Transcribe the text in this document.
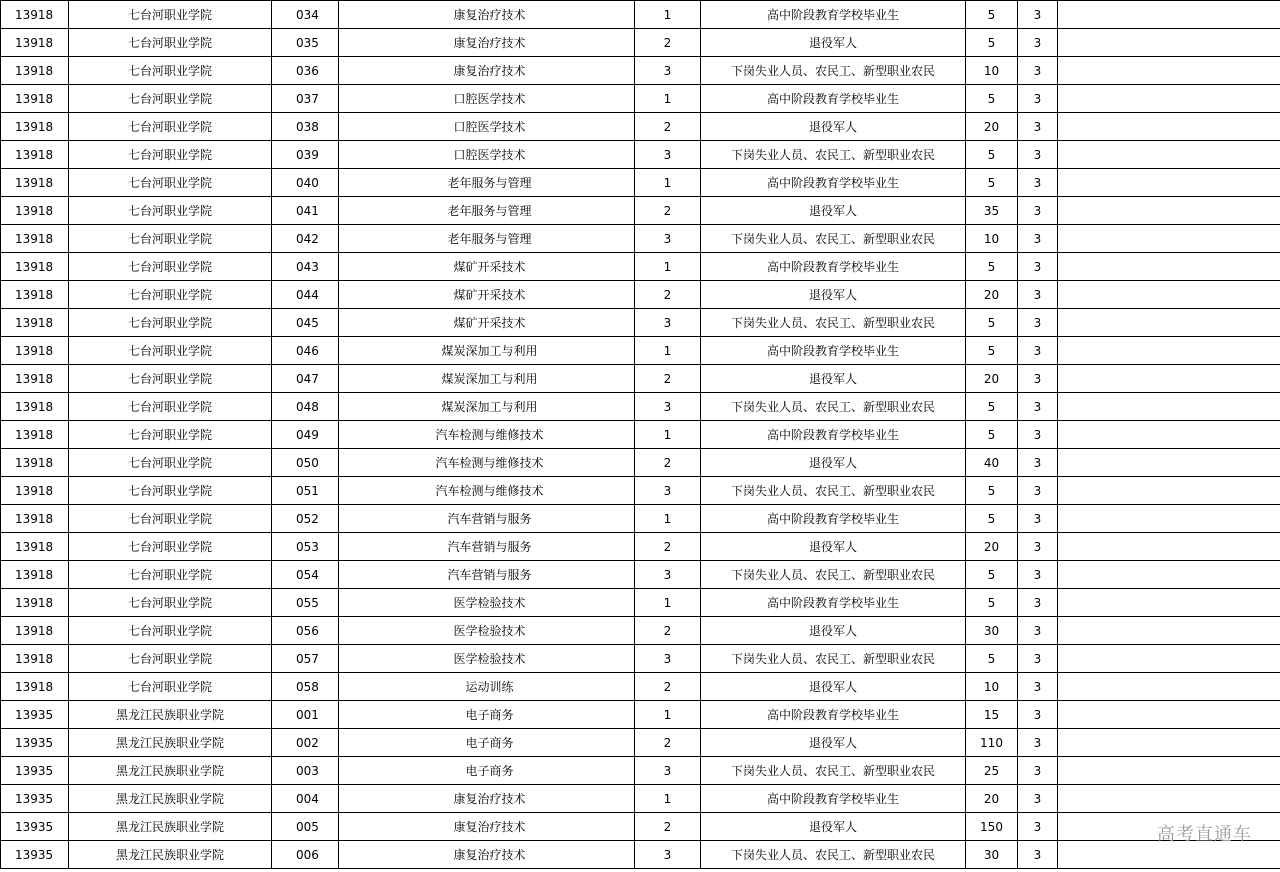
13918	七台河职业学院	034	康复治疗技术	1	高中阶段教育学校毕业生	5	3	
13918	七台河职业学院	035	康复治疗技术	2	退役军人	5	3	
13918	七台河职业学院	036	康复治疗技术	3	下岗失业人员、农民工、新型职业农民	10	3	
13918	七台河职业学院	037	口腔医学技术	1	高中阶段教育学校毕业生	5	3	
13918	七台河职业学院	038	口腔医学技术	2	退役军人	20	3	
13918	七台河职业学院	039	口腔医学技术	3	下岗失业人员、农民工、新型职业农民	5	3	
13918	七台河职业学院	040	老年服务与管理	1	高中阶段教育学校毕业生	5	3	
13918	七台河职业学院	041	老年服务与管理	2	退役军人	35	3	
13918	七台河职业学院	042	老年服务与管理	3	下岗失业人员、农民工、新型职业农民	10	3	
13918	七台河职业学院	043	煤矿开采技术	1	高中阶段教育学校毕业生	5	3	
13918	七台河职业学院	044	煤矿开采技术	2	退役军人	20	3	
13918	七台河职业学院	045	煤矿开采技术	3	下岗失业人员、农民工、新型职业农民	5	3	
13918	七台河职业学院	046	煤炭深加工与利用	1	高中阶段教育学校毕业生	5	3	
13918	七台河职业学院	047	煤炭深加工与利用	2	退役军人	20	3	
13918	七台河职业学院	048	煤炭深加工与利用	3	下岗失业人员、农民工、新型职业农民	5	3	
13918	七台河职业学院	049	汽车检测与维修技术	1	高中阶段教育学校毕业生	5	3	
13918	七台河职业学院	050	汽车检测与维修技术	2	退役军人	40	3	
13918	七台河职业学院	051	汽车检测与维修技术	3	下岗失业人员、农民工、新型职业农民	5	3	
13918	七台河职业学院	052	汽车营销与服务	1	高中阶段教育学校毕业生	5	3	
13918	七台河职业学院	053	汽车营销与服务	2	退役军人	20	3	
13918	七台河职业学院	054	汽车营销与服务	3	下岗失业人员、农民工、新型职业农民	5	3	
13918	七台河职业学院	055	医学检验技术	1	高中阶段教育学校毕业生	5	3	
13918	七台河职业学院	056	医学检验技术	2	退役军人	30	3	
13918	七台河职业学院	057	医学检验技术	3	下岗失业人员、农民工、新型职业农民	5	3	
13918	七台河职业学院	058	运动训练	2	退役军人	10	3	
13935	黑龙江民族职业学院	001	电子商务	1	高中阶段教育学校毕业生	15	3	
13935	黑龙江民族职业学院	002	电子商务	2	退役军人	110	3	
13935	黑龙江民族职业学院	003	电子商务	3	下岗失业人员、农民工、新型职业农民	25	3	
13935	黑龙江民族职业学院	004	康复治疗技术	1	高中阶段教育学校毕业生	20	3	
13935	黑龙江民族职业学院	005	康复治疗技术	2	退役军人	150	3	
13935	黑龙江民族职业学院	006	康复治疗技术	3	下岗失业人员、农民工、新型职业农民	30	3	
高考直通车
